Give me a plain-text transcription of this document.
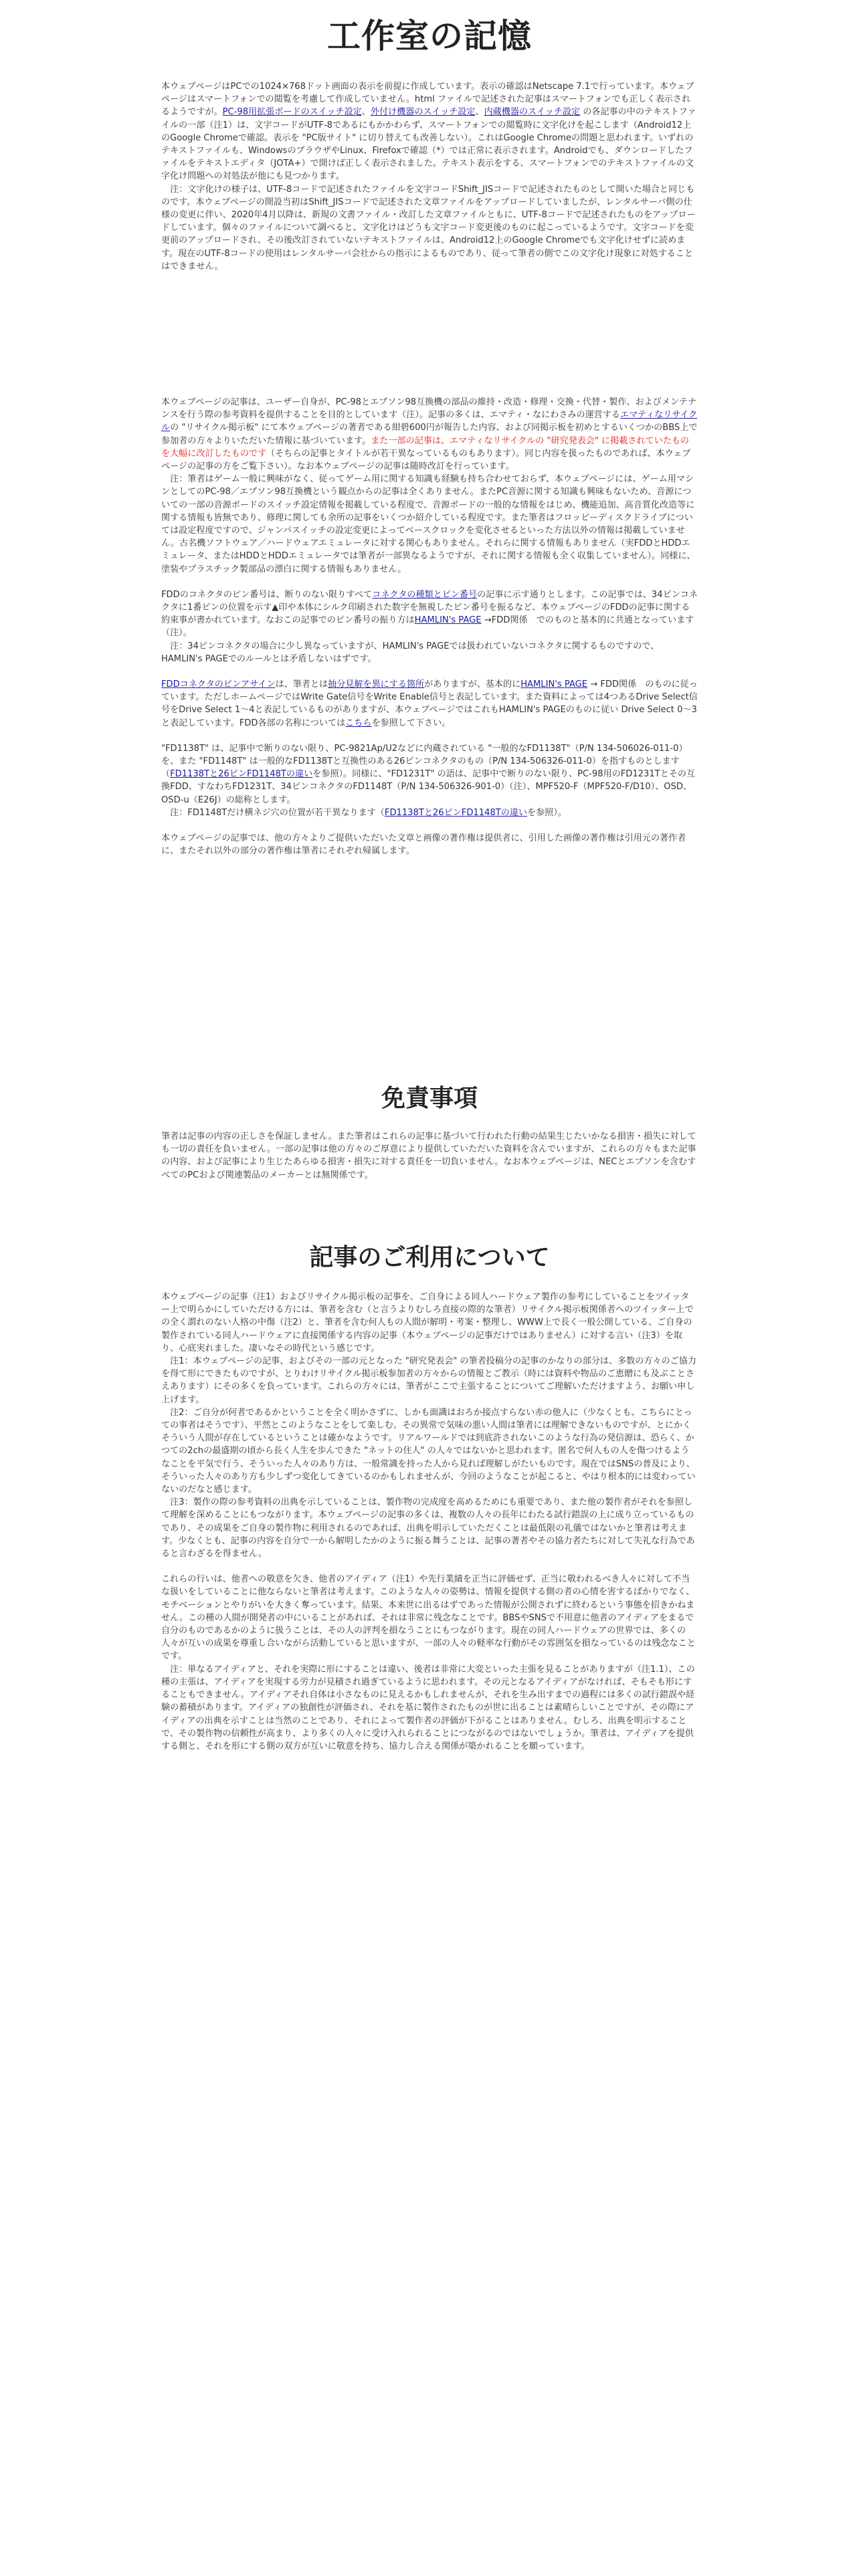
工作室の記憶

本ウェブページはPCでの1024×768ドット画面の表示を前提に作成しています。表示の確認はNetscape 7.1で行っています。本ウェブページはスマートフォンでの閲覧を考慮して作成していません。html ファイルで記述された記事はスマートフォンでも正しく表示されるようですが。PC-98用拡張ボードのスイッチ設定、外付け機器のスイッチ設定、内蔵機器のスイッチ設定 の各記事の中のテキストファイルの一部（注1）は、文字コードがUTF-8であるにもかかわらず、スマートフォンでの閲覧時に文字化けを起こします（Android12上のGoogle Chromeで確認。表示を "PC版サイト" に切り替えても改善しない）。これはGoogle Chromeの問題と思われます。いずれのテキストファイルも、WindowsのブラウザやLinux、Firefoxで確認（*）では正常に表示されます。Androidでも、ダウンロードしたファイルをテキストエディタ（JOTA+）で開けば正しく表示されました。テキスト表示をする、スマートフォンでのテキストファイルの文字化け問題への対処法が他にも見つかります。

注：文字化けの様子は、UTF-8コードで記述されたファイルを文字コードShift_JISコードで記述されたものとして開いた場合と同じものです。本ウェブページの開設当初はShift_JISコードで記述された文章ファイルをアップロードしていましたが、レンタルサーバ側の仕様の変更に伴い、2020年4月以降は、新規の文書ファイル・改訂した文章ファイルともに、UTF-8コードで記述されたものをアップロードしています。個々のファイルについて調べると、文字化けはどうも文字コード変更後のものに起こっているようです。文字コードを変更前のアップロードされ、その後改訂されていないテキストファイルは、Android12上のGoogle Chromeでも文字化けせずに読めます。現在のUTF-8コードの使用はレンタルサーバ会社からの指示によるものであり、従って筆者の側でこの文字化け現象に対処することはできません。

本ウェブページの記事は、ユーザー自身が、PC-98とエプソン98互換機の部品の維持・改造・修理・交換・代替・製作、およびメンテナンスを行う際の参考資料を提供することを目的としています（注）。記事の多くは、エマティ・なにわさみの運営するエマティなリサイクルの "リサイクル掲示板" にて本ウェブページの著者である紺碧600円が報告した内容、および同掲示板を初めとするいくつかのBBS上で参加者の方々よりいただいた情報に基づいています。また一部の記事は、エマティなリサイクルの "研究発表会" に掲載されていたものを大幅に改訂したものです（そちらの記事とタイトルが若干異なっているものもあります）。同じ内容を扱ったものであれば、本ウェブページの記事の方をご覧下さい）。なお本ウェブページの記事は随時改訂を行っています。

注：筆者はゲーム一般に興味がなく、従ってゲーム用に関する知識も経験も持ち合わせておらず、本ウェブページには、ゲーム用マシンとしてのPC-98／エプソン98互換機という観点からの記事は全くありません。またPC音源に関する知識も興味もないため、音源についての一部の音源ボードのスイッチ設定情報を掲載している程度で、音源ボードの一般的な情報をはじめ、機能追加、高音質化改造等に関する情報も皆無であり、修理に関しても余所の記事をいくつか紹介している程度です。また筆者はフロッピーディスクドライブについては設定程度ですので、ジャンパスイッチの設定変更によってベースクロックを変化させるといった方法以外の情報は掲載していません。古名機ソフトウェア／ハードウェアエミュレータに対する関心もありません。それらに関する情報もありません（実FDDとHDDエミュレータ、またはHDDとHDDエミュレータでは筆者が一部異なるようですが、それに関する情報も全く収集していません）。同様に、塗装やプラスチック製部品の漂白に関する情報もありません。

FDDのコネクタのピン番号は、断りのない限りすべてコネクタの種類とピン番号の記事に示す通りとします。この記事では、34ピンコネクタに1番ピンの位置を示す▲印や本体にシルク印刷された数字を無視したピン番号を振るなど、本ウェブページのFDDの記事に関する約束事が書かれています。なおこの記事でのピン番号の振り方はHAMLIN's PAGE →FDD関係　でのものと基本的に共通となっています（注）。

注：34ピンコネクタの場合に少し異なっていますが、HAMLIN's PAGEでは扱われていないコネクタに関するものですので、HAMLIN's PAGEでのルールとは矛盾しないはずです。

FDDコネクタのピンアサインは、筆者とは抽分見解を異にする箇所がありますが、基本的にHAMLIN's PAGE → FDD関係　のものに従っています。ただしホームページではWrite Gate信号をWrite Enable信号と表記しています。また資料によっては4つあるDrive Select信号をDrive Select 1〜4と表記しているものがありますが、本ウェブページではこれもHAMLIN's PAGEのものに従い Drive Select 0〜3 と表記しています。FDD各部の名称についてはこちらを参照して下さい。

"FD1138T" は、記事中で断りのない限り、PC-9821Ap/U2などに内蔵されている "一般的なFD1138T"（P/N 134-506026-011-0）を、また "FD1148T" は一般的なFD1138Tと互換性のある26ピンコネクタのもの（P/N 134-506326-011-0）を指すものとします（FD1138Tと26ピンFD1148Tの違いを参照）。同様に、"FD1231T" の語は、記事中で断りのない限り、PC-98用のFD1231Tとその互換FDD、すなわちFD1231T、34ピンコネクタのFD1148T（P/N 134-506326-901-0）（注）、MPF520-F（MPF520-F/D10）、OSD、OSD-u（E26J）の総称とします。

注：FD1148Tだけ横ネジ穴の位置が若干異なります（FD1138Tと26ピンFD1148Tの違いを参照）。

本ウェブページの記事では、他の方々よりご提供いただいた文章と画像の著作権は提供者に、引用した画像の著作権は引用元の著作者に、またそれ以外の部分の著作権は筆者にそれぞれ帰属します。

免責事項

筆者は記事の内容の正しさを保証しません。また筆者はこれらの記事に基づいて行われた行動の結果生じたいかなる損害・損失に対しても一切の責任を負いません。一部の記事は他の方々のご厚意により提供していただいた資料を含んでいますが、これらの方々もまた記事の内容、および記事により生じたあらゆる損害・損失に対する責任を一切負いません。なお本ウェブページは、NECとエプソンを含むすべてのPCおよび関連製品のメーカーとは無関係です。

記事のご利用について

本ウェブページの記事（注1）およびリサイクル掲示板の記事を、ご自身による同人ハードウェア製作の参考にしていることをツイッター上で明らかにしていただける方には、筆者を含む（と言うよりむしろ直接の際的な筆者）リサイクル掲示板関係者へのツイッター上での全く謂れのない人格の中傷（注2）と、筆者を含む何人もの人間が解明・考案・整理し、WWW上で長く一般公開している、ご自身の製作されている同人ハードウェアに直接関係する内容の記事（本ウェブページの記事だけではありません）に対する言い（注3）を取り、心底実れました。凄いなその時代という感じです。

注1：本ウェブページの記事、およびその一部の元となった "研究発表会" の筆者投稿分の記事のかなりの部分は、多数の方々のご協力を得て形にできたものですが、とりわけリサイクル掲示板参加者の方々からの情報とご教示（時には資料や物品のご恵贈にも及ぶことさえあります）にその多くを負っています。これらの方々には、筆者がここで主張することについてご理解いただけますよう、お願い申し上げます。

注2：ご自分が何者であるかということを全く明かさずに、しかも面識はおろか接点すらない赤の他人に（少なくとも、こちらにとっての事者はそうです）、平然とこのようなことをして楽しむ。その異常で気味の悪い人間は筆者には理解できないものですが、とにかくそういう人間が存在しているということは確かなようです。リアルワールドでは到底許されないこのような行為の発信源は、恐らく、かつての2chの最盛期の頃から長く人生を歩んできた "ネットの住人" の人々ではないかと思われます。匿名で何人もの人を傷つけるようなことを平気で行う、そういった人々のあり方は、一般常識を持った人から見れば理解しがたいものです。現在ではSNSの普及により、そういった人々のあり方も少しずつ変化してきているのかもしれませんが、今回のようなことが起こると、やはり根本的には変わっていないのだなと感じます。

注3：製作の際の参考資料の出典を示していることは、製作物の完成度を高めるためにも重要であり、また他の製作者がそれを参照して理解を深めることにもつながります。本ウェブページの記事の多くは、複数の人々の長年にわたる試行錯誤の上に成り立っているものであり、その成果をご自身の製作物に利用されるのであれば、出典を明示していただくことは最低限の礼儀ではないかと筆者は考えます。少なくとも、記事の内容を自分で一から解明したかのように振る舞うことは、記事の著者やその協力者たちに対して失礼な行為であると言わざるを得ません。

これらの行いは、他者への敬意を欠き、他者のアイディア（注1）や先行業績を正当に評価せず、正当に敬われるべき人々に対して不当な扱いをしていることに他ならないと筆者は考えます。このような人々の姿勢は、情報を提供する側の者の心情を害するばかりでなく、モチベーションとやりがいを大きく奪っています。結果、本来世に出るはずであった情報が公開されずに終わるという事態を招きかねません。この種の人間が開発者の中にいることがあれば、それは非常に残念なことです。BBSやSNSで不用意に他者のアイディアをまるで自分のものであるかのように扱うことは、その人の評判を損なうことにもつながります。現在の同人ハードウェアの世界では、多くの人々が互いの成果を尊重し合いながら活動していると思いますが、一部の人々の軽率な行動がその雰囲気を損なっているのは残念なことです。

注：単なるアイディアと、それを実際に形にすることは違い、後者は非常に大変といった主張を見ることがありますが（注1.1）、この種の主張は、アイディアを実現する労力が見積され過ぎているように思われます。その元となるアイディアがなければ、そもそも形にすることもできません。アイディアそれ自体は小さなものに見えるかもしれませんが、それを生み出すまでの過程には多くの試行錯誤や経験の蓄積があります。アイディアの独創性が評価され、それを基に製作されたものが世に出ることは素晴らしいことですが、その際にアイディアの出典を示すことは当然のことであり、それによって製作者の評価が下がることはありません。むしろ、出典を明示することで、その製作物の信頼性が高まり、より多くの人々に受け入れられることにつながるのではないでしょうか。筆者は、アイディアを提供する側と、それを形にする側の双方が互いに敬意を持ち、協力し合える関係が築かれることを願っています。
